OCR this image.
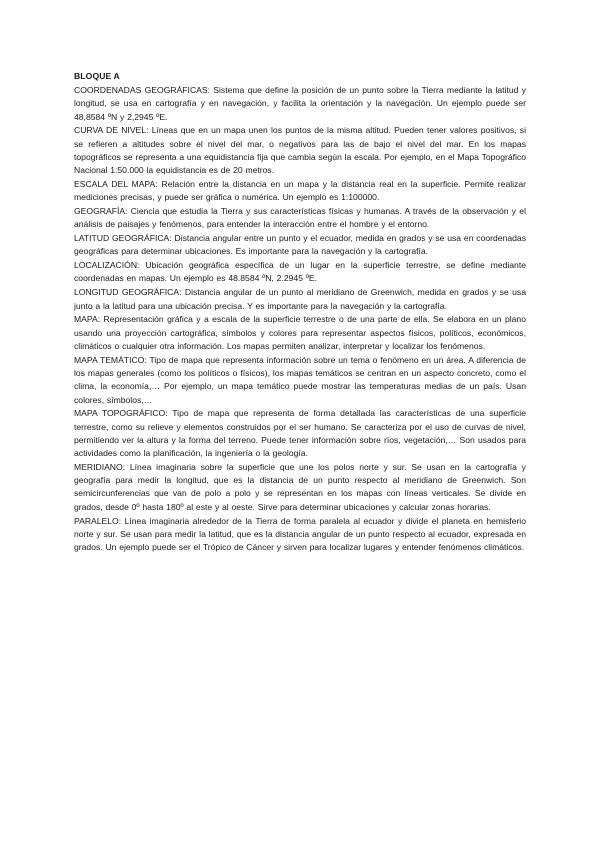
BLOQUE A
COORDENADAS GEOGRÁFICAS: Sistema que define la posición de un punto sobre la Tierra mediante la latitud y longitud, se usa en cartografía y en navegación, y facilita la orientación y la navegación. Un ejemplo puede ser 48,8584 ºN y 2,2945 ºE.
CURVA DE NIVEL: Líneas que en un mapa unen los puntos de la misma altitud. Pueden tener valores positivos, si se refieren a altitudes sobre el nivel del mar, o negativos para las de bajo el nivel del mar. En los mapas topográficos se representa a una equidistancia fija que cambia según la escala. Por ejemplo, en el Mapa Topográfico Nacional 1:50.000 la equidistancia es de 20 metros.
ESCALA DEL MAPA: Relación entre la distancia en un mapa y la distancia real en la superficie. Permite realizar mediciones precisas, y puede ser gráfica o numérica. Un ejemplo es 1:100000.
GEOGRAFÍA: Ciencia que estudia la Tierra y sus características físicas y humanas. A través de la observación y el análisis de paisajes y fenómenos, para entender la interacción entre el hombre y el entorno.
LATITUD GEOGRÁFICA: Distancia angular entre un punto y el ecuador, medida en grados y se usa en coordenadas geográficas para determinar ubicaciones. Es importante para la navegación y la cartografía.
LOCALIZACIÓN: Ubicación geográfica específica de un lugar en la superficie terrestre, se define mediante coordenadas en mapas. Un ejemplo es 48.8584 ºN, 2.2945 ºE.
LONGITUD GEOGRÁFICA: Distancia angular de un punto al meridiano de Greenwich, medida en grados y se usa junto a la latitud para una ubicación precisa. Y es importante para la navegación y la cartografía.
MAPA: Representación gráfica y a escala de la superficie terrestre o de una parte de ella. Se elabora en un plano usando una proyección cartográfica, símbolos y colores para representar aspectos físicos, políticos, económicos, climáticos o cualquier otra información. Los mapas permiten analizar, interpretar y localizar los fenómenos.
MAPA TEMÁTICO: Tipo de mapa que representa información sobre un tema o fenómeno en un área. A diferencia de los mapas generales (como los políticos o físicos), los mapas temáticos se centran en un aspecto concreto, como el clima, la economía,… Por ejemplo, un mapa temático puede mostrar las temperaturas medias de un país. Usan colores, símbolos,…
MAPA TOPOGRÁFICO: Tipo de mapa que representa de forma detallada las características de una superficie terrestre, como su relieve y elementos construidos por el ser humano. Se caracteriza por el uso de curvas de nivel, permitiendo ver la altura y la forma del terreno. Puede tener información sobre ríos, vegetación,… Son usados para actividades como la planificación, la ingeniería o la geología.
MERIDIANO: Línea imaginaria sobre la superficie que une los polos norte y sur. Se usan en la cartografía y geografía para medir la longitud, que es la distancia de un punto respecto al meridiano de Greenwich. Son semicircunferencias que van de polo a polo y se representan en los mapas con líneas verticales. Se divide en grados, desde 0º hasta 180º al este y al oeste. Sirve para determinar ubicaciones y calcular zonas horarias.
PARALELO: Línea imaginaria alrededor de la Tierra de forma paralela al ecuador y divide el planeta en hemisferio norte y sur. Se usan para medir la latitud, que es la distancia angular de un punto respecto al ecuador, expresada en grados. Un ejemplo puede ser el Trópico de Cáncer y sirven para localizar lugares y entender fenómenos climáticos.
